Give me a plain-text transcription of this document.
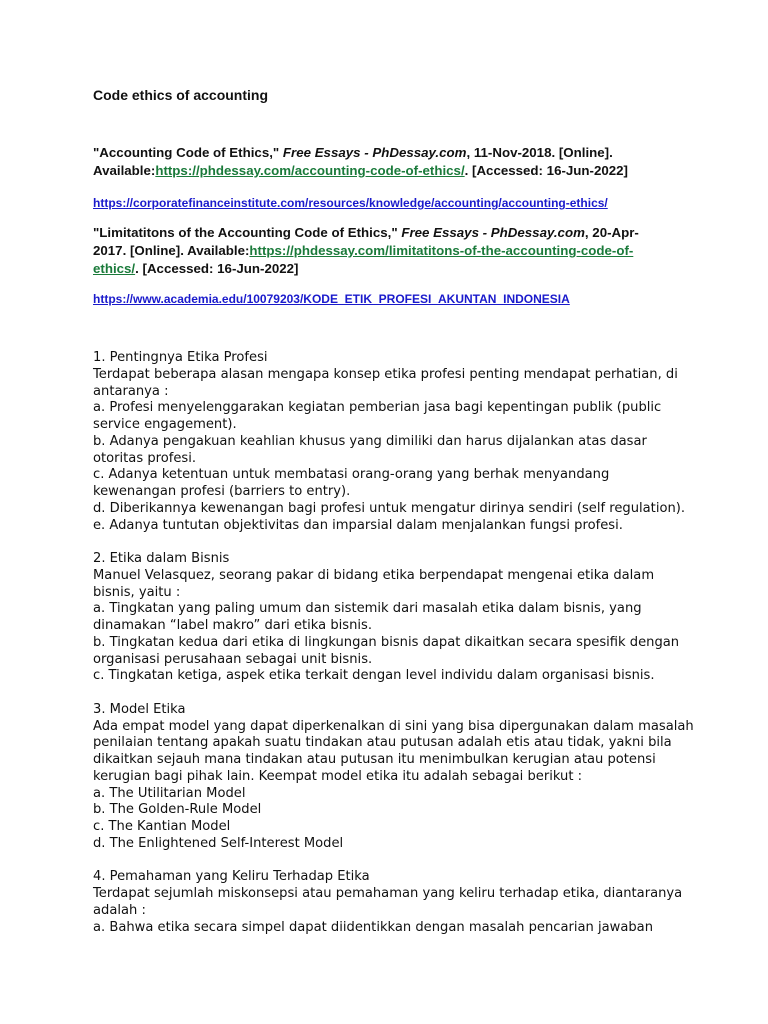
Code ethics of accounting

"Accounting Code of Ethics," Free Essays - PhDessay.com, 11-Nov-2018. [Online].
Available:https://phdessay.com/accounting-code-of-ethics/. [Accessed: 16-Jun-2022]

https://corporatefinanceinstitute.com/resources/knowledge/accounting/accounting-ethics/

"Limitatitons of the Accounting Code of Ethics," Free Essays - PhDessay.com, 20-Apr-
2017. [Online]. Available:https://phdessay.com/limitatitons-of-the-accounting-code-of-
ethics/. [Accessed: 16-Jun-2022]

https://www.academia.edu/10079203/KODE_ETIK_PROFESI_AKUNTAN_INDONESIA

1. Pentingnya Etika Profesi
Terdapat beberapa alasan mengapa konsep etika profesi penting mendapat perhatian, di
antaranya :
a. Profesi menyelenggarakan kegiatan pemberian jasa bagi kepentingan publik (public
service engagement).
b. Adanya pengakuan keahlian khusus yang dimiliki dan harus dijalankan atas dasar
otoritas profesi.
c. Adanya ketentuan untuk membatasi orang-orang yang berhak menyandang
kewenangan profesi (barriers to entry).
d. Diberikannya kewenangan bagi profesi untuk mengatur dirinya sendiri (self regulation).
e. Adanya tuntutan objektivitas dan imparsial dalam menjalankan fungsi profesi.
2. Etika dalam Bisnis
Manuel Velasquez, seorang pakar di bidang etika berpendapat mengenai etika dalam
bisnis, yaitu :
a. Tingkatan yang paling umum dan sistemik dari masalah etika dalam bisnis, yang
dinamakan “label makro” dari etika bisnis.
b. Tingkatan kedua dari etika di lingkungan bisnis dapat dikaitkan secara spesifik dengan
organisasi perusahaan sebagai unit bisnis.
c. Tingkatan ketiga, aspek etika terkait dengan level individu dalam organisasi bisnis.
3. Model Etika
Ada empat model yang dapat diperkenalkan di sini yang bisa dipergunakan dalam masalah
penilaian tentang apakah suatu tindakan atau putusan adalah etis atau tidak, yakni bila
dikaitkan sejauh mana tindakan atau putusan itu menimbulkan kerugian atau potensi
kerugian bagi pihak lain. Keempat model etika itu adalah sebagai berikut :
a. The Utilitarian Model
b. The Golden-Rule Model
c. The Kantian Model
d. The Enlightened Self-Interest Model
4. Pemahaman yang Keliru Terhadap Etika
Terdapat sejumlah miskonsepsi atau pemahaman yang keliru terhadap etika, diantaranya
adalah :
a. Bahwa etika secara simpel dapat diidentikkan dengan masalah pencarian jawaban
